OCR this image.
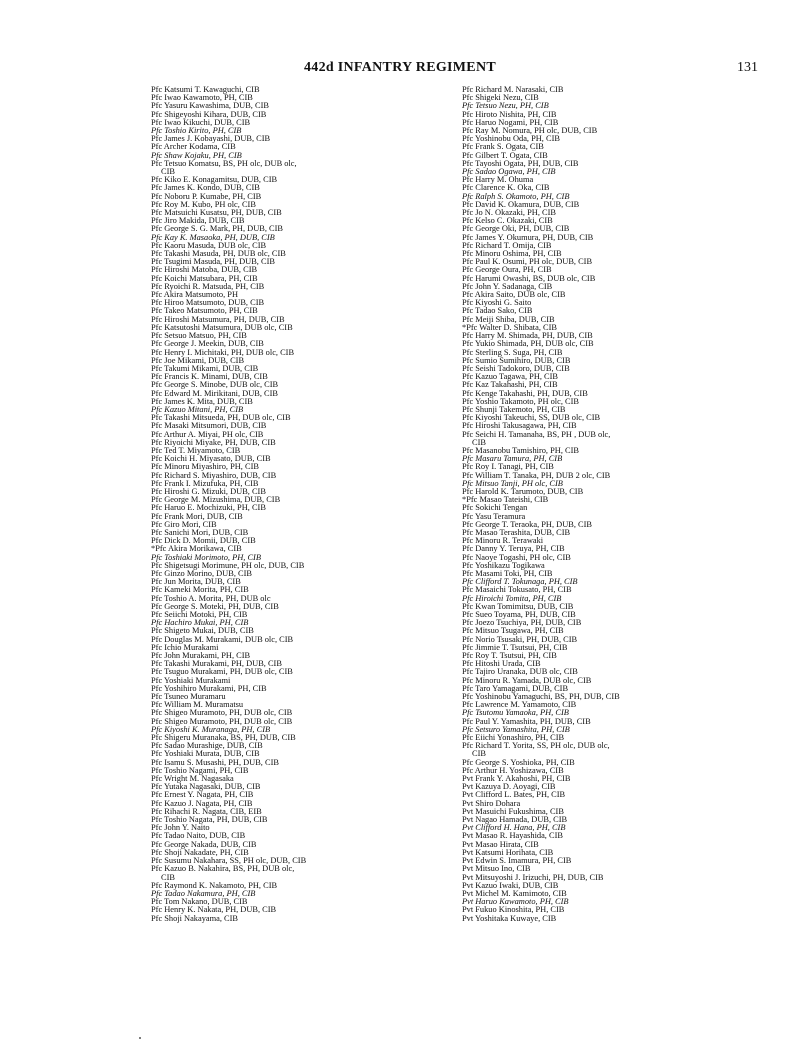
442d INFANTRY REGIMENT	131
Pfc Katsumi T. Kawaguchi, CIB
Pfc Iwao Kawamoto, PH, CIB
Pfc Yasuru Kawashima, DUB, CIB
Pfc Shigeyoshi Kihara, DUB, CIB
Pfc Iwao Kikuchi, DUB, CIB
Pfc Toshio Kirito, PH, CIB
Pfc James J. Kobayashi, DUB, CIB
Pfc Archer Kodama, CIB
Pfc Shaw Kojaku, PH, CIB
Pfc Tetsuo Komatsu, BS, PH olc, DUB olc,
CIB
Pfc Kiko E. Konagamitsu, DUB, CIB
Pfc James K. Kondo, DUB, CIB
Pfc Noboru P. Kumabe, PH, CIB
Pfc Roy M. Kubo, PH olc, CIB
Pfc Matsuichi Kusatsu, PH, DUB, CIB
Pfc Jiro Makida, DUB, CIB
Pfc George S. G. Mark, PH, DUB, CIB
Pfc Kay K. Masaoka, PH, DUB, CIB
Pfc Kaoru Masuda, DUB olc, CIB
Pfc Takashi Masuda, PH, DUB olc, CIB
Pfc Tsugimi Masuda, PH, DUB, CIB
Pfc Hiroshi Matoba, DUB, CIB
Pfc Koichi Matsubara, PH, CIB
Pfc Ryoichi R. Matsuda, PH, CIB
Pfc Akira Matsumoto, PH
Pfc Hiroo Matsumoto, DUB, CIB
Pfc Takeo Matsumoto, PH, CIB
Pfc Hiroshi Matsumura, PH, DUB, CIB
Pfc Katsutoshi Matsumura, DUB olc, CIB
Pfc Setsuo Matsuo, PH, CIB
Pfc George J. Meekin, DUB, CIB
Pfc Henry I. Michitaki, PH, DUB olc, CIB
Pfc Joe Mikami, DUB, CIB
Pfc Takumi Mikami, DUB, CIB
Pfc Francis K. Minami, DUB, CIB
Pfc George S. Minobe, DUB olc, CIB
Pfc Edward M. Mirikitani, DUB, CIB
Pfc James K. Mita, DUB, CIB
Pfc Kazuo Mitani, PH, CIB
Pfc Takashi Mitsueda, PH, DUB olc, CIB
Pfc Masaki Mitsumori, DUB, CIB
Pfc Arthur A. Miyai, PH olc, CIB
Pfc Riyoichi Miyake, PH, DUB, CIB
Pfc Ted T. Miyamoto, CIB
Pfc Koichi H. Miyasato, DUB, CIB
Pfc Minoru Miyashiro, PH, CIB
Pfc Richard S. Miyashiro, DUB, CIB
Pfc Frank I. Mizufuka, PH, CIB
Pfc Hiroshi G. Mizuki, DUB, CIB
Pfc George M. Mizushima, DUB, CIB
Pfc Haruo E. Mochizuki, PH, CIB
Pfc Frank Mori, DUB, CIB
Pfc Giro Mori, CIB
Pfc Sanichi Mori, DUB, CIB
Pfc Dick D. Momii, DUB, CIB
*Pfc Akira Morikawa, CIB
Pfc Toshiaki Morimoto, PH, CIB
Pfc Shigetsugi Morimune, PH olc, DUB, CIB
Pfc Ginzo Morino, DUB, CIB
Pfc Jun Morita, DUB, CIB
Pfc Kameki Morita, PH, CIB
Pfc Toshio A. Morita, PH, DUB olc
Pfc George S. Moteki, PH, DUB, CIB
Pfc Seiichi Motoki, PH, CIB
Pfc Hachiro Mukai, PH, CIB
Pfc Shigeto Mukai, DUB, CIB
Pfc Douglas M. Murakami, DUB olc, CIB
Pfc Ichio Murakami
Pfc John Murakami, PH, CIB
Pfc Takashi Murakami, PH, DUB, CIB
Pfc Tsuguo Murakami, PH, DUB olc, CIB
Pfc Yoshiaki Murakami
Pfc Yoshihiro Murakami, PH, CIB
Pfc Tsuneo Muramaru
Pfc William M. Muramatsu
Pfc Shigeo Muramoto, PH, DUB olc, CIB
Pfc Shigeo Muramoto, PH, DUB olc, CIB
Pfc Kiyoshi K. Muranaga, PH, CIB
Pfc Shigeru Muranaka, BS, PH, DUB, CIB
Pfc Sadao Murashige, DUB, CIB
Pfc Yoshiaki Murata, DUB, CIB
Pfc Isamu S. Musashi, PH, DUB, CIB
Pfc Toshio Nagami, PH, CIB
Pfc Wright M. Nagasaka
Pfc Yutaka Nagasaki, DUB, CIB
Pfc Ernest Y. Nagata, PH, CIB
Pfc Kazuo J. Nagata, PH, CIB
Pfc Rihachi R. Nagata, CIB, EIB
Pfc Toshio Nagata, PH, DUB, CIB
Pfc John Y. Naito
Pfc Tadao Naito, DUB, CIB
Pfc George Nakada, DUB, CIB
Pfc Shoji Nakadate, PH, CIB
Pfc Susumu Nakahara, SS, PH olc, DUB, CIB
Pfc Kazuo B. Nakahira, BS, PH, DUB olc,
CIB
Pfc Raymond K. Nakamoto, PH, CIB
Pfc Tadao Nakamura, PH, CIB
Pfc Tom Nakano, DUB, CIB
Pfc Henry K. Nakata, PH, DUB, CIB
Pfc Shoji Nakayama, CIB
Pfc Richard M. Narasaki, CIB
Pfc Shigeki Nezu, CIB
Pfc Tetsuo Nezu, PH, CIB
Pfc Hiroto Nishita, PH, CIB
Pfc Haruo Nogami, PH, CIB
Pfc Ray M. Nomura, PH olc, DUB, CIB
Pfc Yoshinobu Oda, PH, CIB
Pfc Frank S. Ogata, CIB
Pfc Gilbert T. Ogata, CIB
Pfc Tayoshi Ogata, PH, DUB, CIB
Pfc Sadao Ogawa, PH, CIB
Pfc Harry M. Ohuma
Pfc Clarence K. Oka, CIB
Pfc Ralph S. Okamoto, PH, CIB
Pfc David K. Okamura, DUB, CIB
Pfc Jo N. Okazaki, PH, CIB
Pfc Kelso C. Okazaki, CIB
Pfc George Oki, PH, DUB, CIB
Pfc James Y. Okumura, PH, DUB, CIB
Pfc Richard T. Omija, CIB
Pfc Minoru Oshima, PH, CIB
Pfc Paul K. Osumi, PH olc, DUB, CIB
Pfc George Oura, PH, CIB
Pfc Harumi Owashi, BS, DUB olc, CIB
Pfc John Y. Sadanaga, CIB
Pfc Akira Saito, DUB olc, CIB
Pfc Kiyoshi G. Saito
Pfc Tadao Sako, CIB
Pfc Meiji Shiba, DUB, CIB
*Pfc Walter D. Shibata, CIB
Pfc Harry M. Shimada, PH, DUB, CIB
Pfc Yukio Shimada, PH, DUB olc, CIB
Pfc Sterling S. Suga, PH, CIB
Pfc Sumio Sumihiro, DUB, CIB
Pfc Seishi Tadokoro, DUB, CIB
Pfc Kazuo Tagawa, PH, CIB
Pfc Kaz Takahashi, PH, CIB
Pfc Kenge Takahashi, PH, DUB, CIB
Pfc Yoshio Takamoto, PH olc, CIB
Pfc Shunji Takemoto, PH, CIB
Pfc Kiyoshi Takeuchi, SS, DUB olc, CIB
Pfc Hiroshi Takusagawa, PH, CIB
Pfc Seichi H. Tamanaha, BS, PH , DUB olc,
CIB
Pfc Masanobu Tamishiro, PH, CIB
Pfc Masaru Tamura, PH, CIB
Pfc Roy I. Tanagi, PH, CIB
Pfc William T. Tanaka, PH, DUB 2 olc, CIB
Pfc Mitsuo Tanji, PH olc, CIB
Pfc Harold K. Tarumoto, DUB, CIB
*Pfc Masao Tateishi, CIB
Pfc Sokichi Tengan
Pfc Yasu Teramura
Pfc George T. Teraoka, PH, DUB, CIB
Pfc Masao Terashita, DUB, CIB
Pfc Minoru R. Terawaki
Pfc Danny Y. Teruya, PH, CIB
Pfc Naoye Togashi, PH olc, CIB
Pfc Yoshikazu Togikawa
Pfc Masami Toki, PH, CIB
Pfc Clifford T. Tokunaga, PH, CIB
Pfc Masaichi Tokusato, PH, CIB
Pfc Hiroichi Tomita, PH, CIB
Pfc Kwan Tomimitsu, DUB, CIB
Pfc Sueo Toyama, PH, DUB, CIB
Pfc Joezo Tsuchiya, PH, DUB, CIB
Pfc Mitsuo Tsugawa, PH, CIB
Pfc Norio Tsusaki, PH, DUB, CIB
Pfc Jimmie T. Tsutsui, PH, CIB
Pfc Roy T. Tsutsui, PH, CIB
Pfc Hitoshi Urada, CIB
Pfc Tajiro Uranaka, DUB olc, CIB
Pfc Minoru R. Yamada, DUB olc, CIB
Pfc Taro Yamagami, DUB, CIB
Pfc Yoshinobu Yamaguchi, BS, PH, DUB, CIB
Pfc Lawrence M. Yamamoto, CIB
Pfc Tsutomu Yamaoka, PH, CIB
Pfc Paul Y. Yamashita, PH, DUB, CIB
Pfc Setsuro Yamashita, PH, CIB
Pfc Eiichi Yonashiro, PH, CIB
Pfc Richard T. Yorita, SS, PH olc, DUB olc,
CIB
Pfc George S. Yoshioka, PH, CIB
Pfc Arthur H. Yoshizawa, CIB
Pvt Frank Y. Akahoshi, PH, CIB
Pvt Kazuya D. Aoyagi, CIB
Pvt Clifford L. Bates, PH, CIB
Pvt Shiro Dohara
Pvt Masuichi Fukushima, CIB
Pvt Nagao Hamada, DUB, CIB
Pvt Clifford H. Hana, PH, CIB
Pvt Masao R. Hayashida, CIB
Pvt Masao Hirata, CIB
Pvt Katsumi Horihata, CIB
Pvt Edwin S. Imamura, PH, CIB
Pvt Mitsuo Ino, CIB
Pvt Mitsuyoshi J. Irizuchi, PH, DUB, CIB
Pvt Kazuo Iwaki, DUB, CIB
Pvt Michel M. Kamimoto, CIB
Pvt Haruo Kawamoto, PH, CIB
Pvt Fukuo Kinoshita, PH, CIB
Pvt Yoshitaka Kuwaye, CIB
